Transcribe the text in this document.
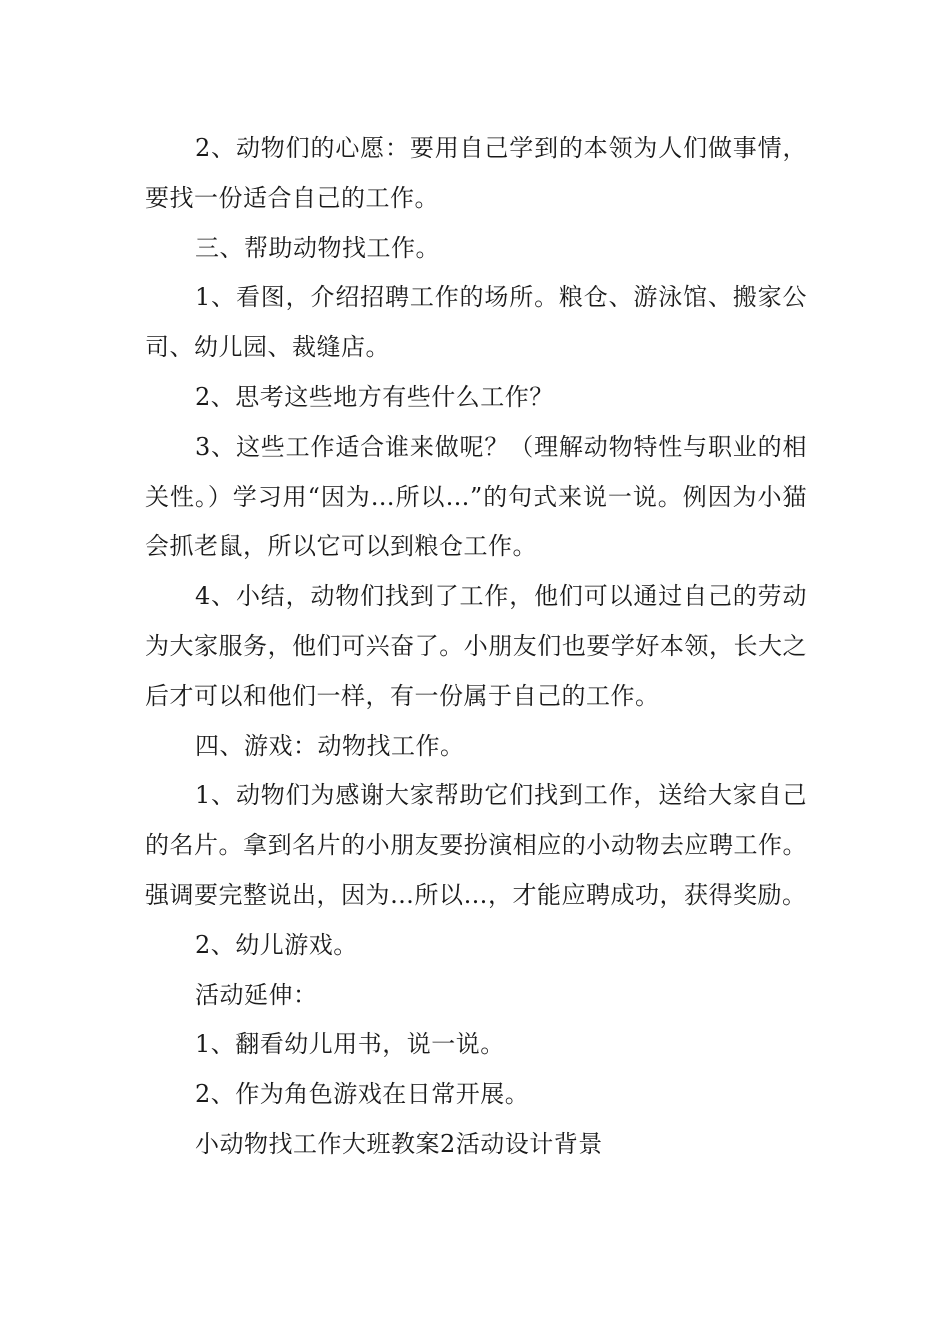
2、动物们的心愿：要用自己学到的本领为人们做事情，要找一份适合自己的工作。

三、帮助动物找工作。

1、看图，介绍招聘工作的场所。粮仓、游泳馆、搬家公司、幼儿园、裁缝店。

2、思考这些地方有些什么工作？

3、这些工作适合谁来做呢？（理解动物特性与职业的相关性。）学习用“因为…所以…”的句式来说一说。例因为小猫会抓老鼠，所以它可以到粮仓工作。

4、小结，动物们找到了工作，他们可以通过自己的劳动为大家服务，他们可兴奋了。小朋友们也要学好本领，长大之后才可以和他们一样，有一份属于自己的工作。

四、游戏：动物找工作。

1、动物们为感谢大家帮助它们找到工作，送给大家自己的名片。拿到名片的小朋友要扮演相应的小动物去应聘工作。强调要完整说出，因为…所以…，才能应聘成功，获得奖励。

2、幼儿游戏。

活动延伸：

1、翻看幼儿用书，说一说。

2、作为角色游戏在日常开展。

小动物找工作大班教案2活动设计背景
